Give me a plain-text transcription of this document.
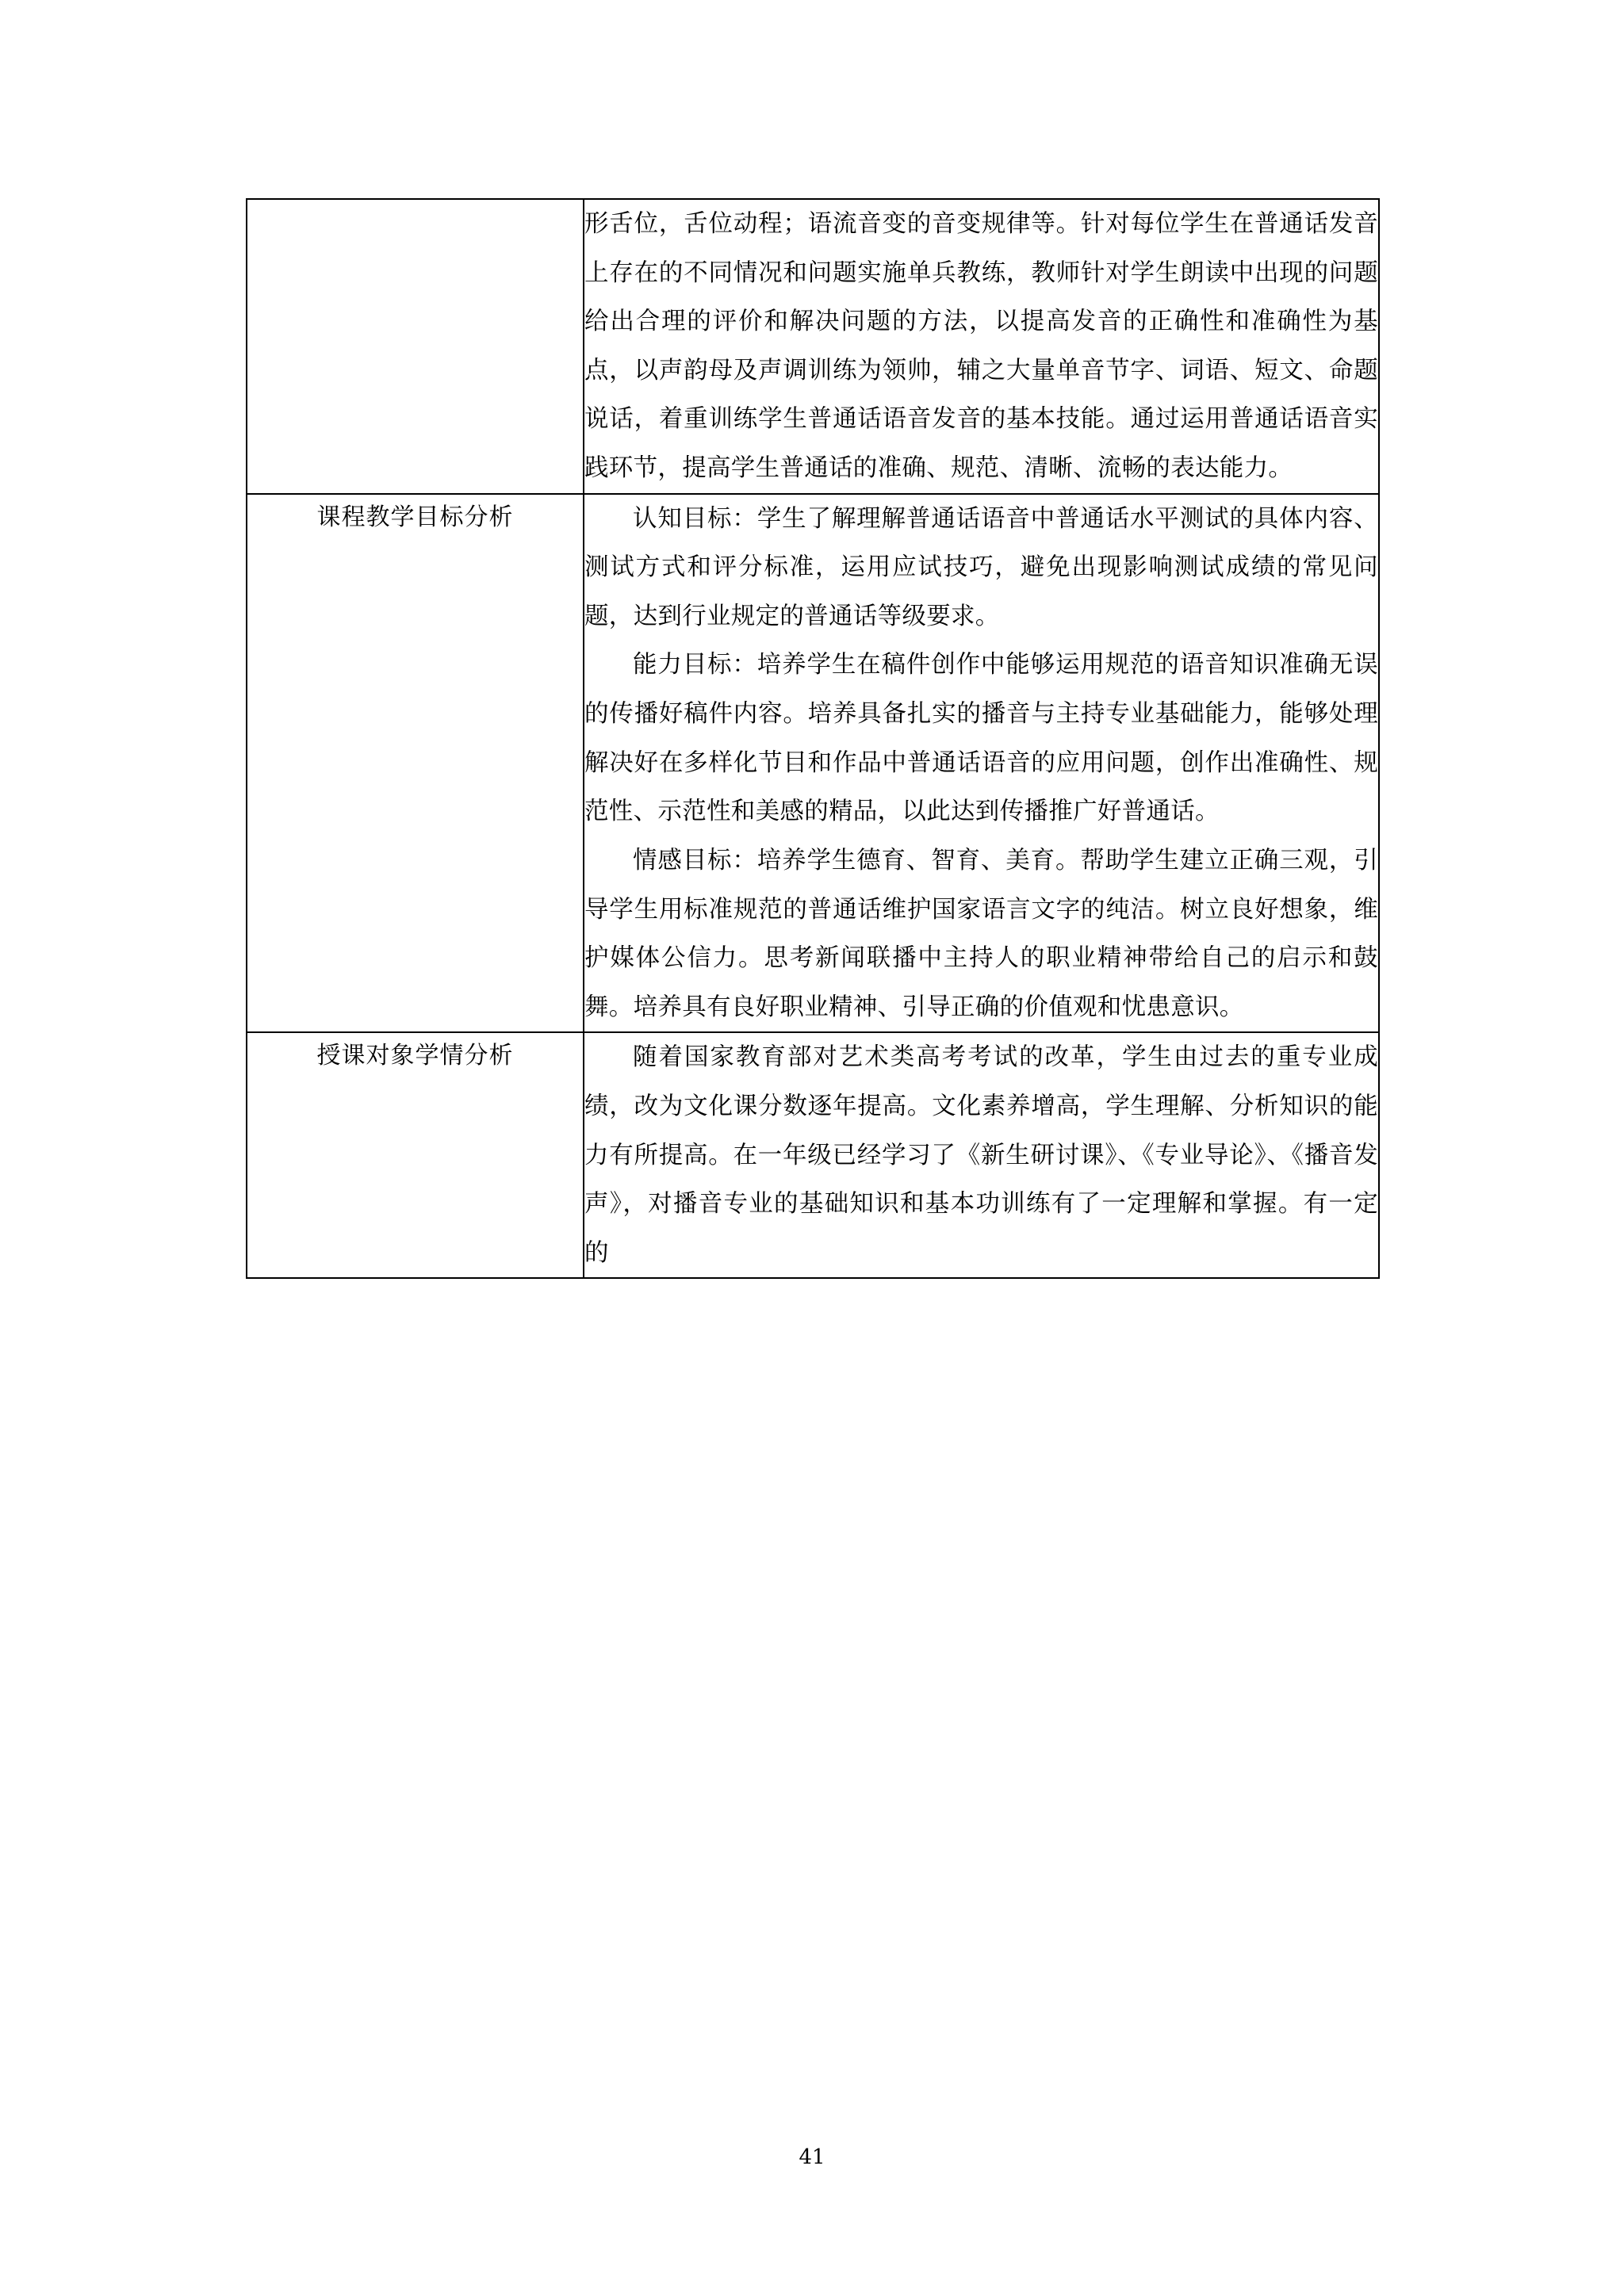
	形舌位，舌位动程；语流音变的音变规律等。针对每位学生在普通话发音上存在的不同情况和问题实施单兵教练，教师针对学生朗读中出现的问题给出合理的评价和解决问题的方法，以提高发音的正确性和准确性为基点，以声韵母及声调训练为领帅，辅之大量单音节字、词语、短文、命题说话，着重训练学生普通话语音发音的基本技能。通过运用普通话语音实践环节，提高学生普通话的准确、规范、清晰、流畅的表达能力。

课程教学目标分析	认知目标：学生了解理解普通话语音中普通话水平测试的具体内容、测试方式和评分标准，运用应试技巧，避免出现影响测试成绩的常见问题，达到行业规定的普通话等级要求。

能力目标：培养学生在稿件创作中能够运用规范的语音知识准确无误的传播好稿件内容。培养具备扎实的播音与主持专业基础能力，能够处理解决好在多样化节目和作品中普通话语音的应用问题，创作出准确性、规范性、示范性和美感的精品，以此达到传播推广好普通话。

情感目标：培养学生德育、智育、美育。帮助学生建立正确三观，引导学生用标准规范的普通话维护国家语言文字的纯洁。树立良好想象，维护媒体公信力。思考新闻联播中主持人的职业精神带给自己的启示和鼓舞。培养具有良好职业精神、引导正确的价值观和忧患意识。

授课对象学情分析	随着国家教育部对艺术类高考考试的改革，学生由过去的重专业成绩，改为文化课分数逐年提高。文化素养增高，学生理解、分析知识的能力有所提高。在一年级已经学习了《新生研讨课》、《专业导论》、《播音发声》，对播音专业的基础知识和基本功训练有了一定理解和掌握。有一定的

41
